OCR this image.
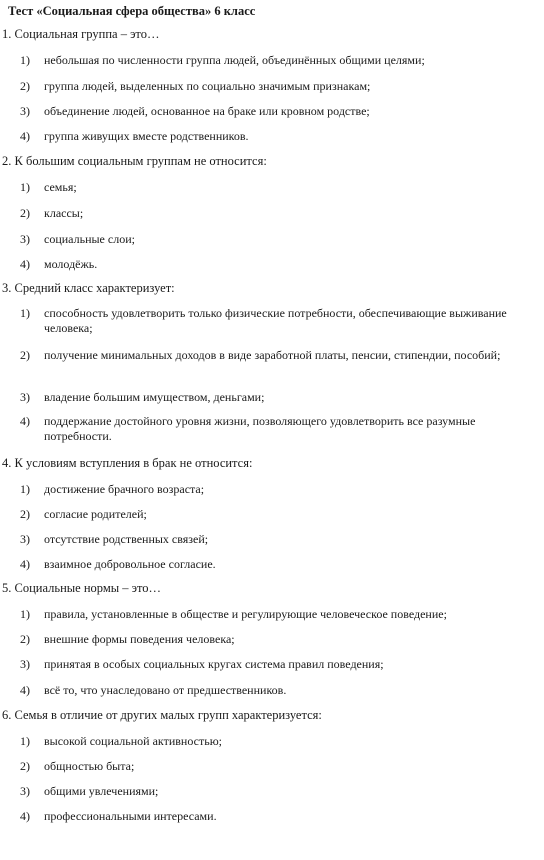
Тест «Социальная сфера общества» 6 класс
1. Социальная группа – это…
1)	небольшая по численности группа людей, объединённых общими целями;
2)	группа людей, выделенных по социально значимым признакам;
3)	объединение людей, основанное на браке или кровном родстве;
4)	группа живущих вместе родственников.
2. К большим социальным группам не относится:
1)	семья;
2)	классы;
3)	социальные слои;
4)	молодёжь.
3. Средний класс характеризует:
1)	способность удовлетворить только физические потребности, обеспечивающие выживание человека;
2)	получение минимальных доходов в виде заработной платы, пенсии, стипендии, пособий;
3)	владение большим имуществом, деньгами;
4)	поддержание достойного уровня жизни, позволяющего удовлетворить все разумные потребности.
4. К условиям вступления в брак не относится:
1)	достижение брачного возраста;
2)	согласие родителей;
3)	отсутствие родственных связей;
4)	взаимное добровольное согласие.
5. Социальные нормы – это…
1)	правила, установленные в обществе и регулирующие человеческое поведение;
2)	внешние формы поведения человека;
3)	принятая в особых социальных кругах система правил поведения;
4)	всё то, что унаследовано от предшественников.
6. Семья в отличие от других малых групп характеризуется:
1)	высокой социальной активностью;
2)	общностью быта;
3)	общими увлечениями;
4)	профессиональными интересами.
